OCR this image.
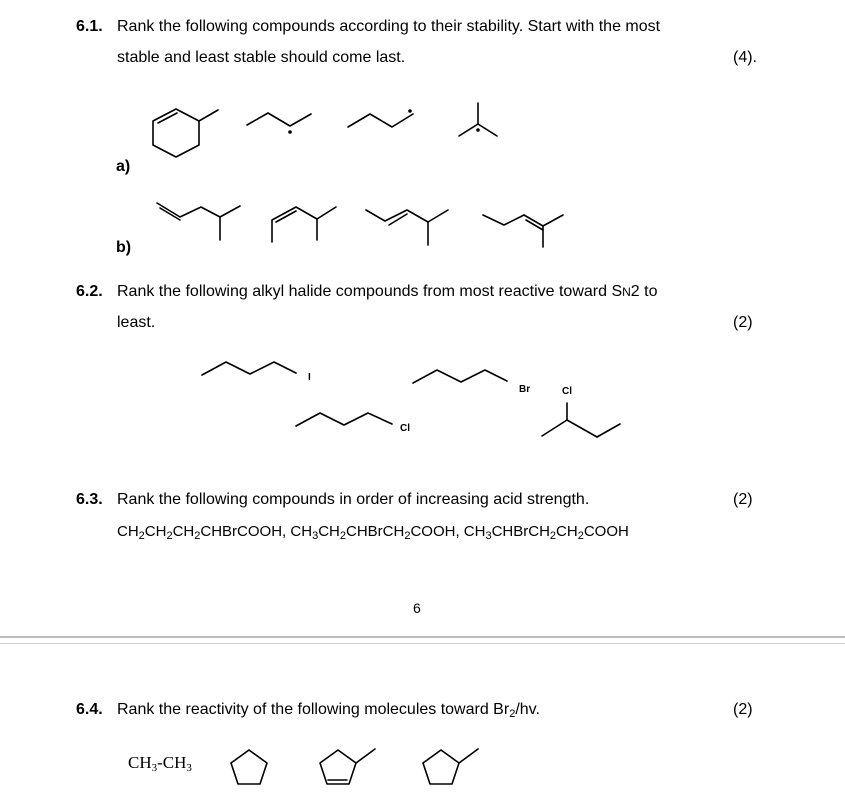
6.1. Rank the following compounds according to their stability. Start with the most
stable and least stable should come last.	(4).
a)
b)
6.2. Rank the following alkyl halide compounds from most reactive toward SN2 to
least.	(2)
I
Cl
Br	Cl
6.3. Rank the following compounds in order of increasing acid strength.	(2)
$CH_2CH_2CH_2CHBrCOOH$, $CH_3CH_2CHBrCH_2COOH$, $CH_3CHBrCH_2CH_2COOH$
6
6.4. Rank the reactivity of the following molecules toward $Br_2/hv$.	(2)
$CH_3-CH_3$
